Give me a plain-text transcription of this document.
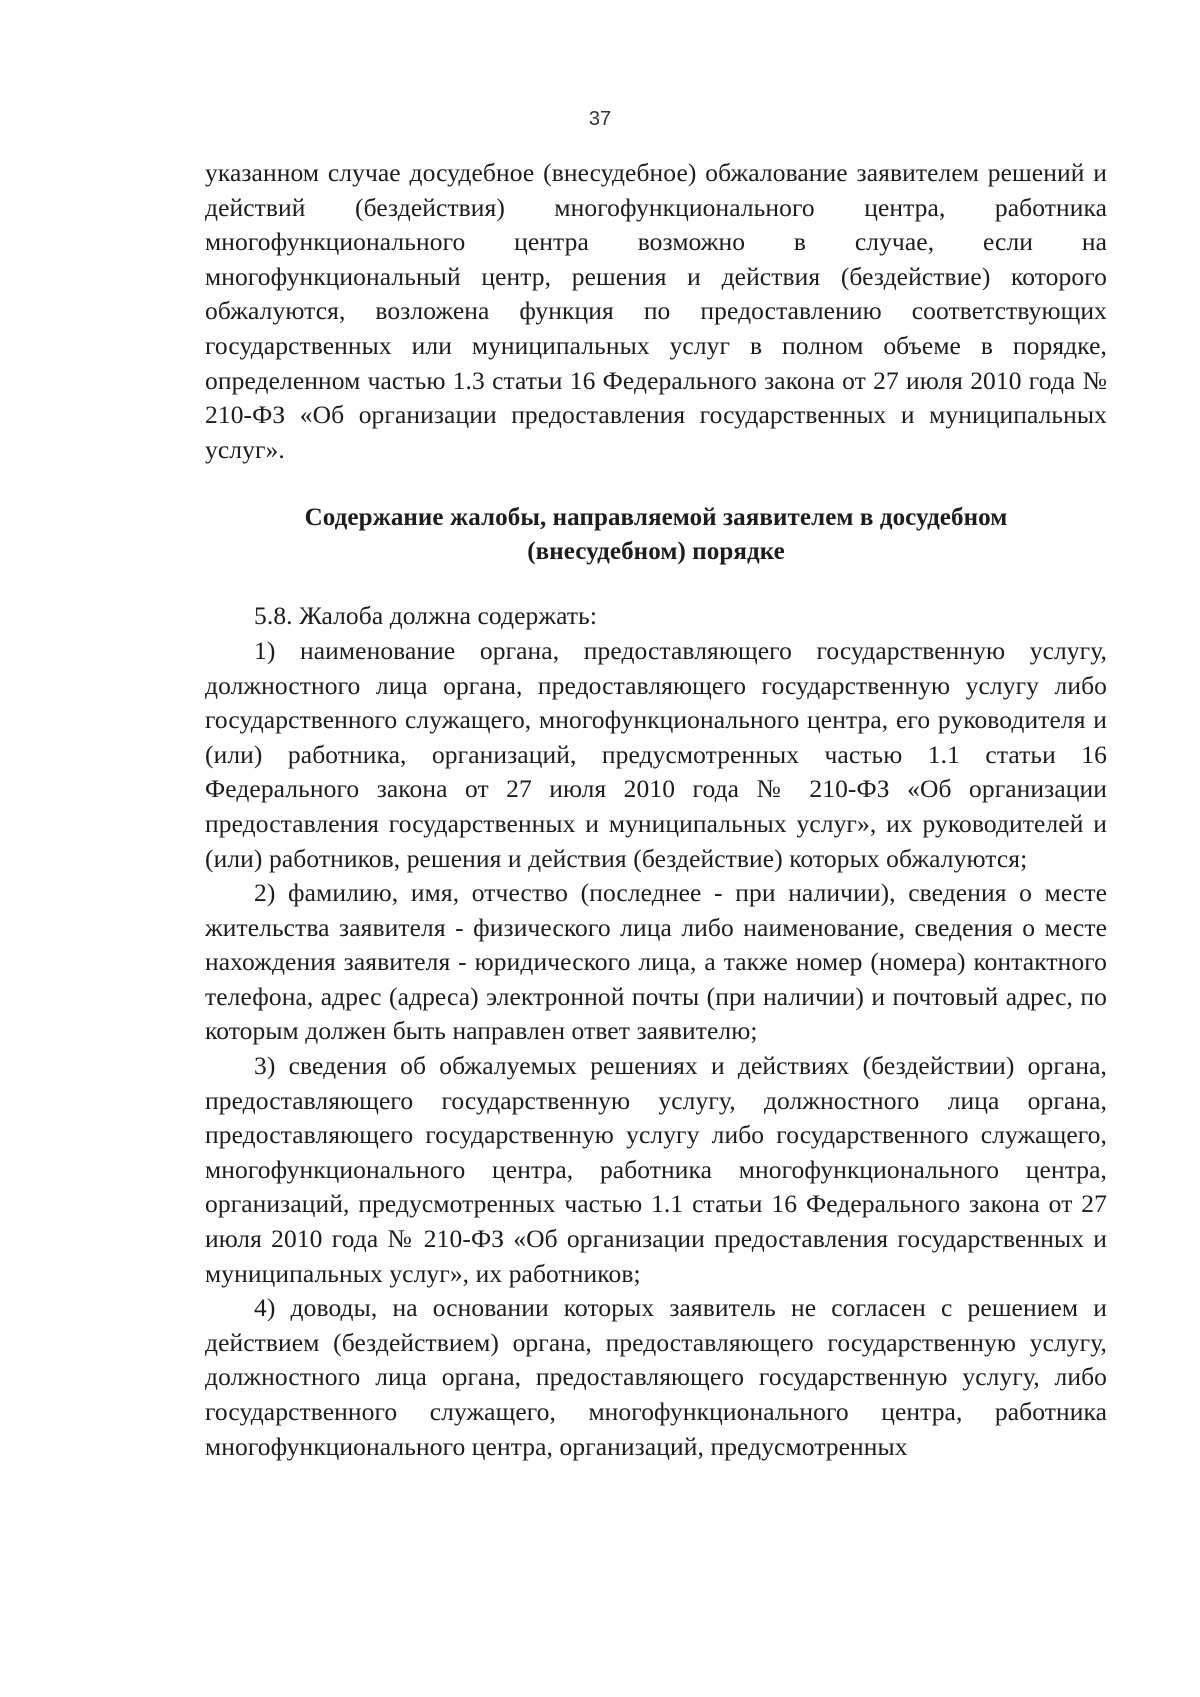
37

указанном случае досудебное (внесудебное) обжалование заявителем решений и действий (бездействия) многофункционального центра, работника многофункционального центра возможно в случае, если на многофункциональный центр, решения и действия (бездействие) которого обжалуются, возложена функция по предоставлению соответствующих государственных или муниципальных услуг в полном объеме в порядке, определенном частью 1.3 статьи 16 Федерального закона от 27 июля 2010 года № 210-ФЗ «Об организации предоставления государственных и муниципальных услуг».

Содержание жалобы, направляемой заявителем в досудебном
(внесудебном) порядке

5.8. Жалоба должна содержать:

1) наименование органа, предоставляющего государственную услугу, должностного лица органа, предоставляющего государственную услугу либо государственного служащего, многофункционального центра, его руководителя и (или) работника, организаций, предусмотренных частью 1.1 статьи 16 Федерального закона от 27 июля 2010 года № 210-ФЗ «Об организации предоставления государственных и муниципальных услуг», их руководителей и (или) работников, решения и действия (бездействие) которых обжалуются;

2) фамилию, имя, отчество (последнее - при наличии), сведения о месте жительства заявителя - физического лица либо наименование, сведения о месте нахождения заявителя - юридического лица, а также номер (номера) контактного телефона, адрес (адреса) электронной почты (при наличии) и почтовый адрес, по которым должен быть направлен ответ заявителю;

3) сведения об обжалуемых решениях и действиях (бездействии) органа, предоставляющего государственную услугу, должностного лица органа, предоставляющего государственную услугу либо государственного служащего, многофункционального центра, работника многофункционального центра, организаций, предусмотренных частью 1.1 статьи 16 Федерального закона от 27 июля 2010 года № 210-ФЗ «Об организации предоставления государственных и муниципальных услуг», их работников;

4) доводы, на основании которых заявитель не согласен с решением и действием (бездействием) органа, предоставляющего государственную услугу, должностного лица органа, предоставляющего государственную услугу, либо государственного служащего, многофункционального центра, работника многофункционального центра, организаций, предусмотренных
